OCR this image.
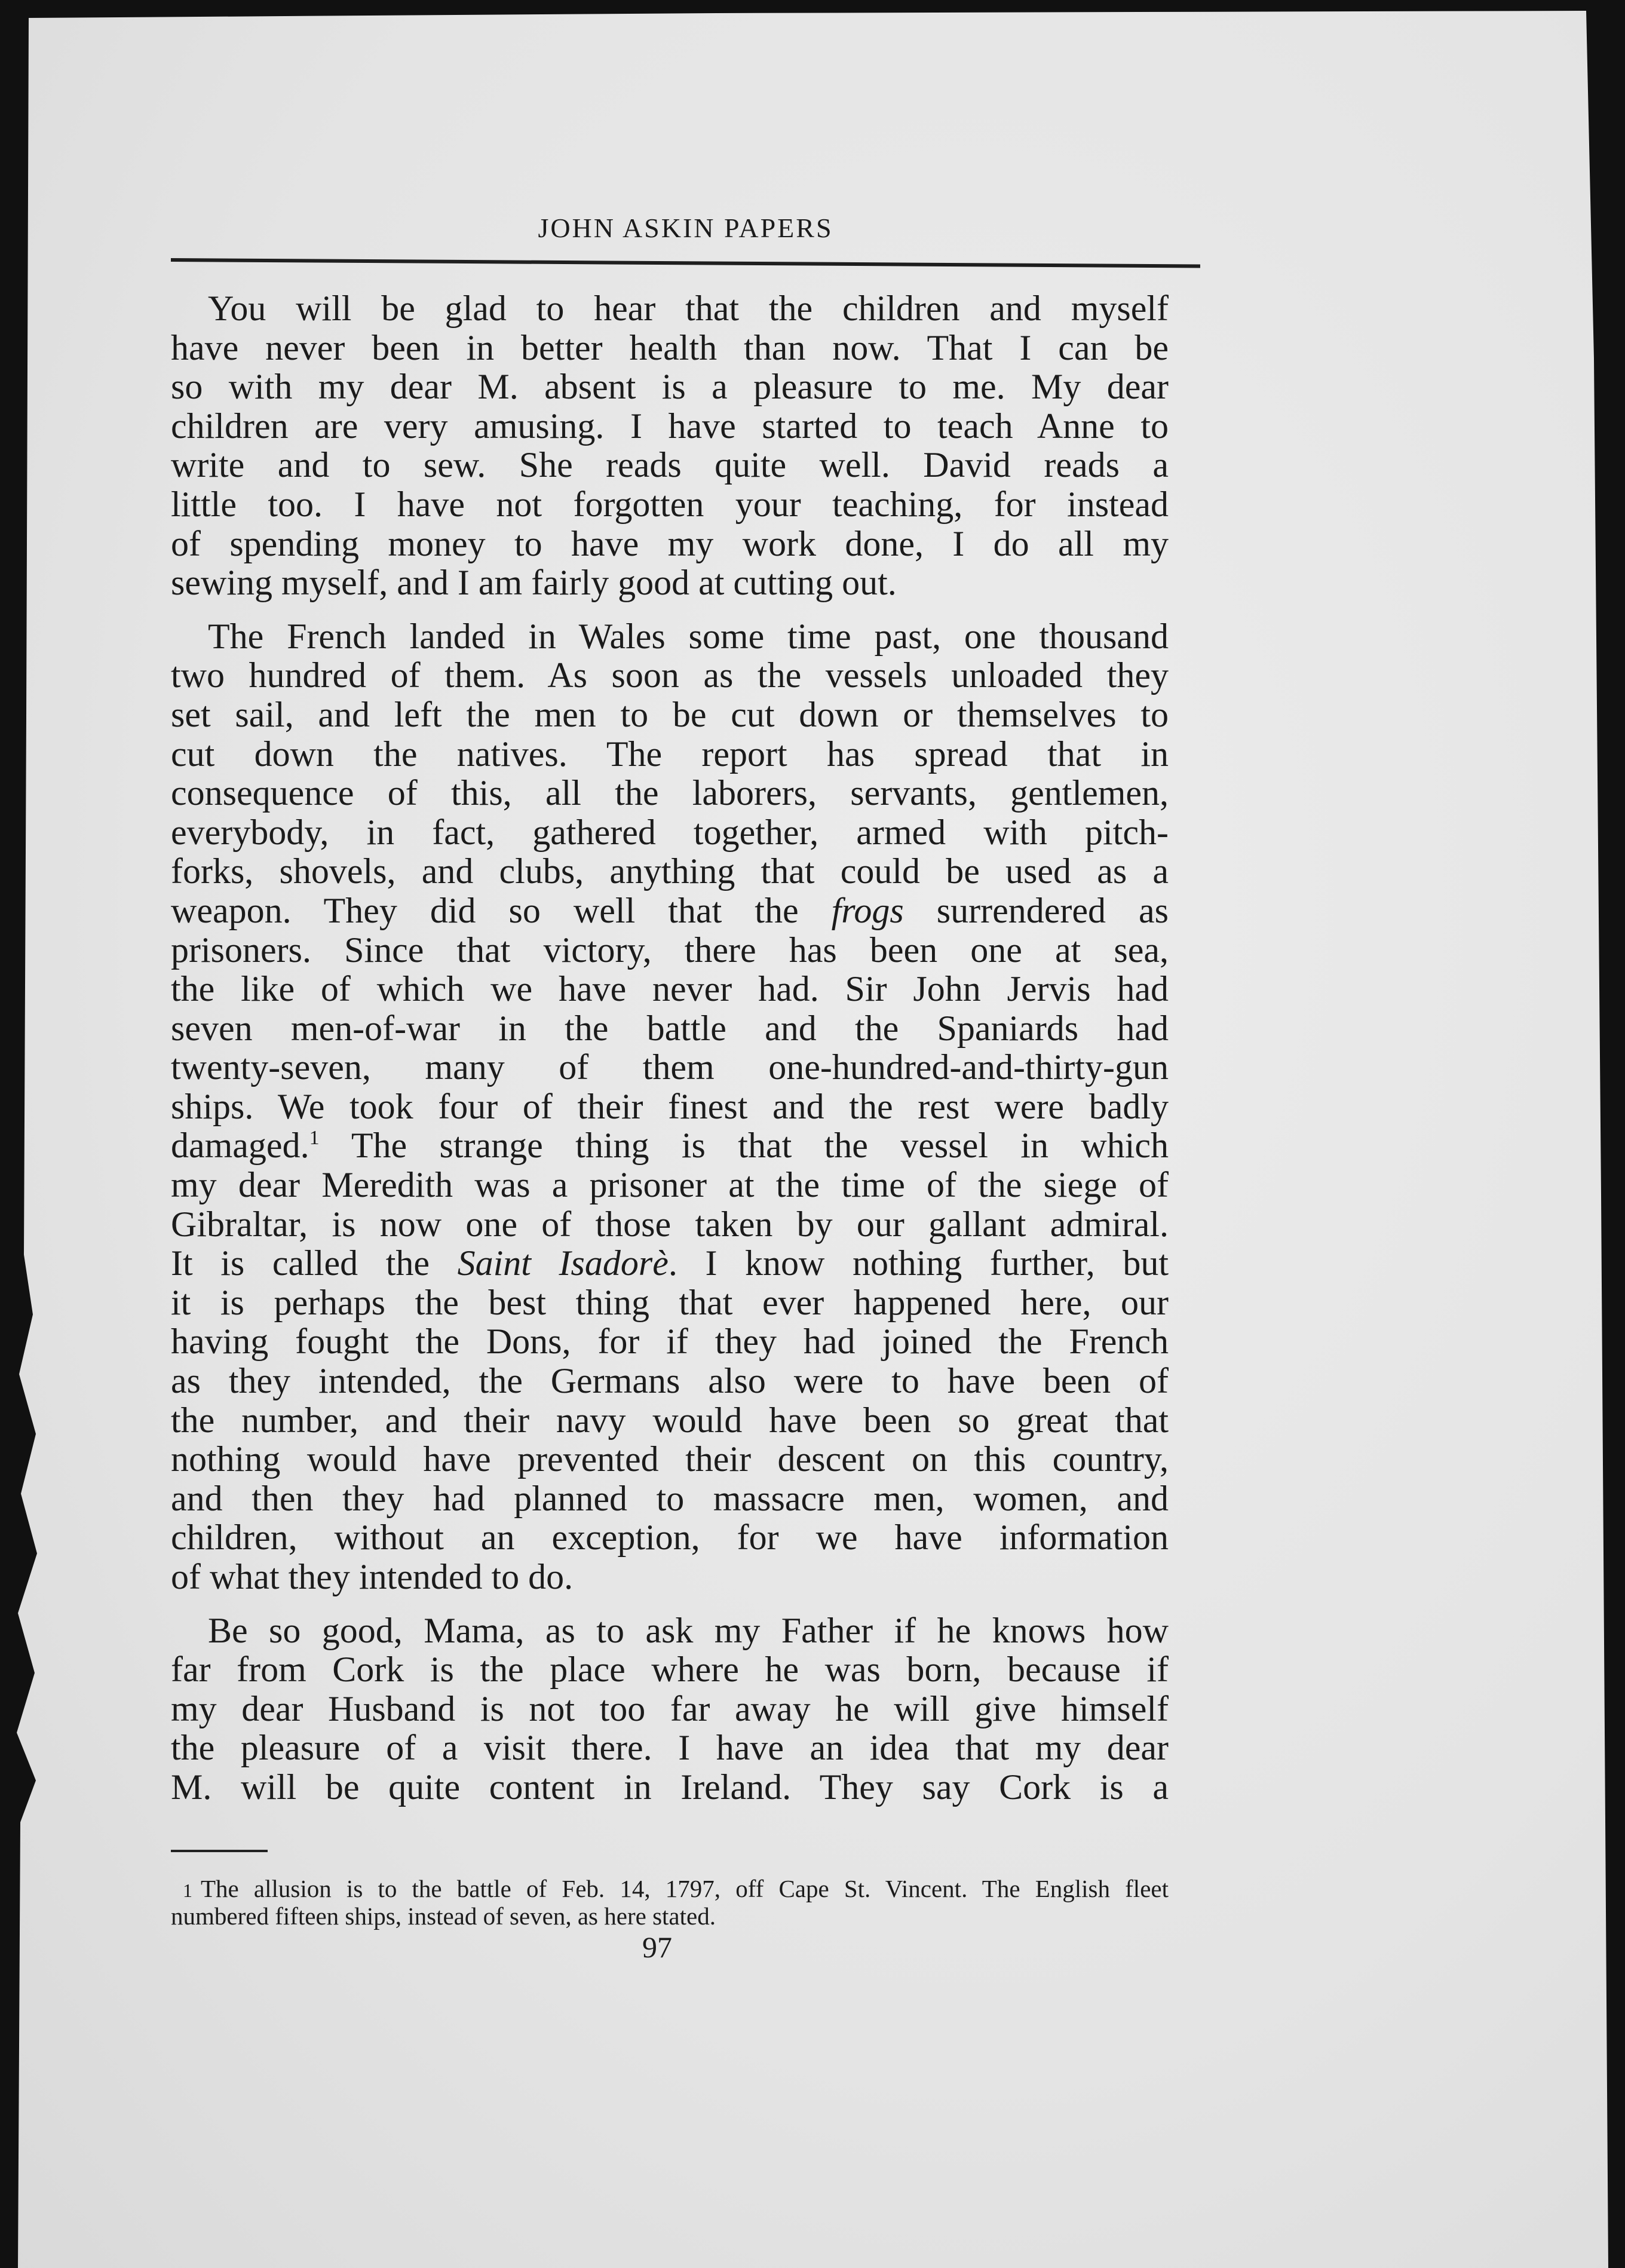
JOHN ASKIN PAPERS
You will be glad to hear that the children and myself
have never been in better health than now. That I can be
so with my dear M. absent is a pleasure to me. My dear
children are very amusing. I have started to teach Anne to
write and to sew. She reads quite well. David reads a
little too. I have not forgotten your teaching, for instead
of spending money to have my work done, I do all my
sewing myself, and I am fairly good at cutting out.
The French landed in Wales some time past, one thousand
two hundred of them. As soon as the vessels unloaded they
set sail, and left the men to be cut down or themselves to
cut down the natives. The report has spread that in
consequence of this, all the laborers, servants, gentlemen,
everybody, in fact, gathered together, armed with pitch-
forks, shovels, and clubs, anything that could be used as a
weapon. They did so well that the frogs surrendered as
prisoners. Since that victory, there has been one at sea,
the like of which we have never had. Sir John Jervis had
seven men-of-war in the battle and the Spaniards had
twenty-seven, many of them one-hundred-and-thirty-gun
ships. We took four of their finest and the rest were badly
damaged.$^1$ The strange thing is that the vessel in which
my dear Meredith was a prisoner at the time of the siege of
Gibraltar, is now one of those taken by our gallant admiral.
It is called the Saint Isadorè. I know nothing further, but
it is perhaps the best thing that ever happened here, our
having fought the Dons, for if they had joined the French
as they intended, the Germans also were to have been of
the number, and their navy would have been so great that
nothing would have prevented their descent on this country,
and then they had planned to massacre men, women, and
children, without an exception, for we have information
of what they intended to do.
Be so good, Mama, as to ask my Father if he knows how
far from Cork is the place where he was born, because if
my dear Husband is not too far away he will give himself
the pleasure of a visit there. I have an idea that my dear
M. will be quite content in Ireland. They say Cork is a
1 The allusion is to the battle of Feb. 14, 1797, off Cape St. Vincent. The English fleet
numbered fifteen ships, instead of seven, as here stated.
97
